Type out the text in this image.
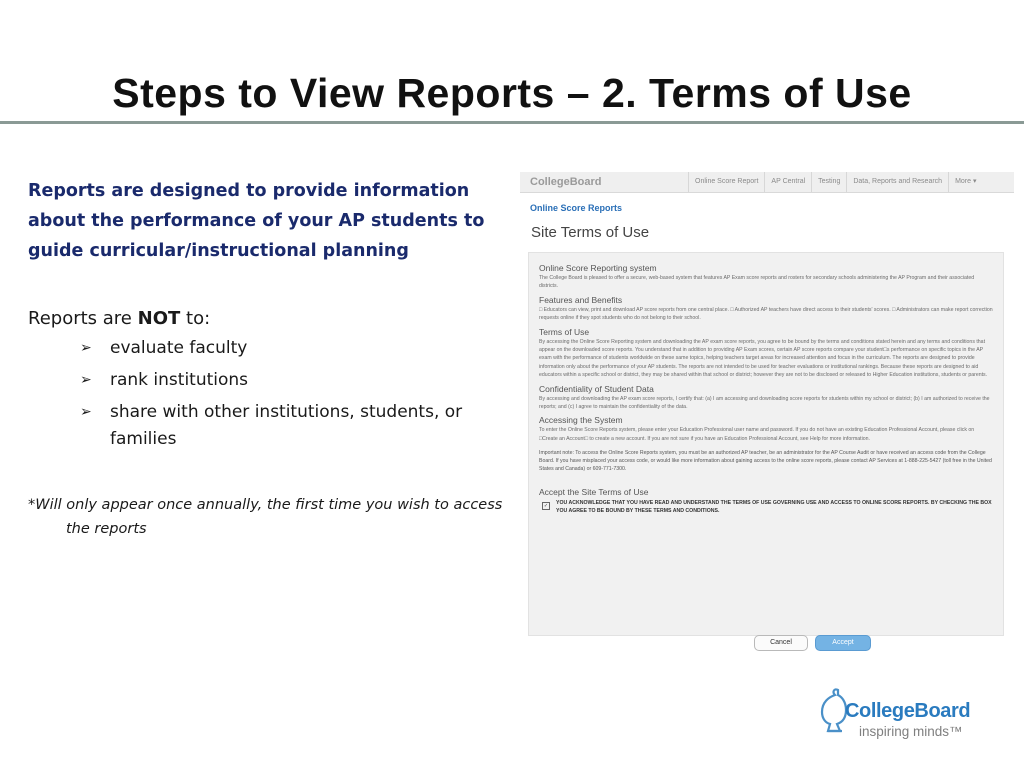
Steps to View Reports – 2. Terms of Use

Reports are designed to provide information about the performance of your AP students to guide curricular/instructional planning

Reports are NOT to:

➢ evaluate faculty
➢ rank institutions
➢ share with other institutions, students, or families

*Will only appear once annually, the first time you wish to access the reports

CollegeBoard	Online Score Report	AP Central	Testing	Data, Reports and Research	More ▾
Online Score Reports
Site Terms of Use
Online Score Reporting system

The College Board is pleased to offer a secure, web-based system that features AP Exam score reports and rosters for secondary schools administering the AP Program and their associated districts.

Features and Benefits

□ Educators can view, print and download AP score reports from one central place. □ Authorized AP teachers have direct access to their students' scores. □ Administrators can make report correction requests online if they spot students who do not belong to their school.

Terms of Use

By accessing the Online Score Reporting system and downloading the AP exam score reports, you agree to be bound by the terms and conditions stated herein and any terms and conditions that appear on the downloaded score reports. You understand that in addition to providing AP Exam scores, certain AP score reports compare your student□s performance on specific topics in the AP exam with the performance of students worldwide on these same topics, helping teachers target areas for increased attention and focus in the curriculum. The reports are designed to provide information only about the performance of your AP students. The reports are not intended to be used for teacher evaluations or institutional rankings. Because these reports are designed to aid educators within a specific school or district, they may be shared within that school or district; however they are not to be disclosed or released to Higher Education institutions, students or parents.

Confidentiality of Student Data

By accessing and downloading the AP exam score reports, I certify that: (a) I am accessing and downloading score reports for students within my school or district; (b) I am authorized to receive the reports; and (c) I agree to maintain the confidentiality of the data.

Accessing the System

To enter the Online Score Reports system, please enter your Education Professional user name and password. If you do not have an existing Education Professional Account, please click on □Create an Account□ to create a new account. If you are not sure if you have an Education Professional Account, see Help for more information.

Important note: To access the Online Score Reports system, you must be an authorized AP teacher, be an administrator for the AP Course Audit or have received an access code from the College Board. If you have misplaced your access code, or would like more information about gaining access to the online score reports, please contact AP Services at 1-888-225-5427 (toll free in the United States and Canada) or 609-771-7300.

Accept the Site Terms of Use
✓	YOU ACKNOWLEDGE THAT YOU HAVE READ AND UNDERSTAND THE TERMS OF USE GOVERNING USE AND ACCESS TO ONLINE SCORE REPORTS. BY CHECKING THE BOX YOU AGREE TO BE BOUND BY THESE TERMS AND CONDITIONS.
Cancel	Accept
CollegeBoard
inspiring minds™
